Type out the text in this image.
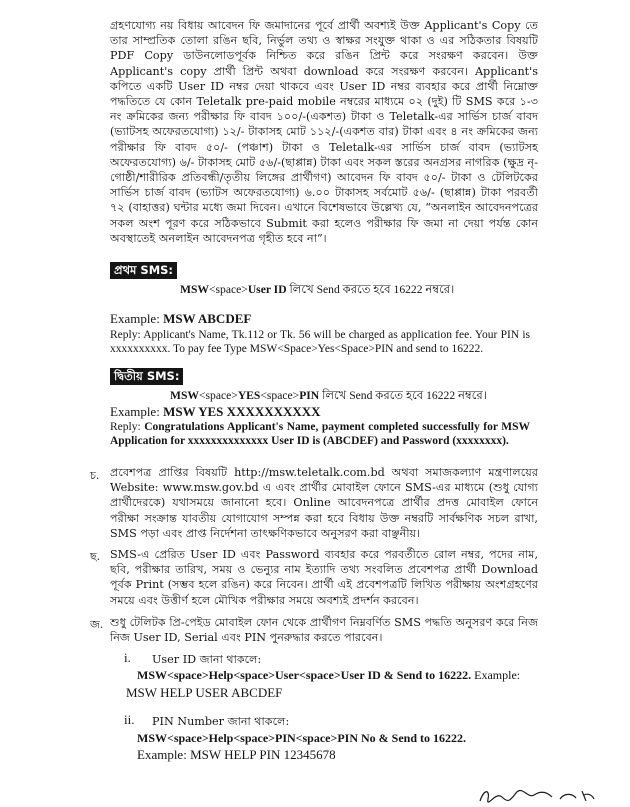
গ্রহণযোগ্য নয় বিধায় আবেদন ফি জমাদানের পূর্বে প্রার্থী অবশ্যই উক্ত Applicant's Copy তে তার সাম্প্রতিক তোলা রঙিন ছবি, নির্ভুল তথ্য ও স্বাক্ষর সংযুক্ত থাকা ও এর সঠিকতার বিষয়টি PDF Copy ডাউনলোডপূর্বক নিশ্চিত করে রঙিন প্রিন্ট করে সংরক্ষণ করবেন। উক্ত Applicant's copy প্রার্থী প্রিন্ট অথবা download করে সংরক্ষণ করবেন। Applicant's কপিতে একটি User ID নম্বর দেয়া থাকবে এবং User ID নম্বর ব্যবহার করে প্রার্থী নিম্নোক্ত পদ্ধতিতে যে কোন Teletalk pre-paid mobile নম্বরের মাধ্যমে ০২ (দুই) টি SMS করে ১-৩ নং ক্রমিকের জন্য পরীক্ষার ফি বাবদ ১০০/-(একশত) টাকা ও Teletalk-এর সার্ভিস চার্জ বাবদ (ভ্যাটসহ অফেরতযোগ্য) ১২/- টাকাসহ মোট ১১২/-(একশত বার) টাকা এবং ৪ নং ক্রমিকের জন্য পরীক্ষার ফি বাবদ ৫০/- (পঞ্চাশ) টাকা ও Teletalk-এর সার্ভিস চার্জ বাবদ (ভ্যাটসহ অফেরতযোগ্য) ৬/- টাকাসহ মোট ৫৬/-(ছাপ্পান্ন) টাকা এবং সকল স্তরের অনগ্রসর নাগরিক (ক্ষুদ্র নৃ-গোষ্ঠী/শারীরিক প্রতিবন্ধী/তৃতীয় লিঙ্গের প্রার্থীগণ) আবেদন ফি বাবদ ৫০/- টাকা ও টেলিটকের সার্ভিস চার্জ বাবদ (ভ্যাটস অফেরতযোগ্য) ৬.০০ টাকাসহ সর্বমোট ৫৬/- (ছাপ্পান্ন) টাকা পরবর্তী ৭২ (বাহাত্তর) ঘন্টার মধ্যে জমা দিবেন। এখানে বিশেষভাবে উল্লেখ্য যে, “অনলাইন আবেদনপত্রের সকল অংশ পূরণ করে সঠিকভাবে Submit করা হলেও পরীক্ষার ফি জমা না দেয়া পর্যন্ত কোন অবস্থাতেই অনলাইন আবেদনপত্র গৃহীত হবে না”।

প্রথম SMS:
MSW<space>User ID লিখে Send করতে হবে 16222 নম্বরে।
Example: MSW ABCDEF
Reply: Applicant's Name, Tk.112 or Tk. 56 will be charged as application fee. Your PIN is xxxxxxxxxx. To pay fee Type MSW<Space>Yes<Space>PIN and send to 16222.
দ্বিতীয় SMS:
MSW<space>YES<space>PIN লিখে Send করতে হবে 16222 নম্বরে।
Example: MSW YES XXXXXXXXXX
Reply: Congratulations Applicant's Name, payment completed successfully for MSW Application for xxxxxxxxxxxxxx User ID is (ABCDEF) and Password (xxxxxxxx).
চ. প্রবেশপত্র প্রাপ্তির বিষয়টি http://msw.teletalk.com.bd অথবা সমাজকল্যাণ মন্ত্রণালয়ের Website: www.msw.gov.bd এ এবং প্রার্থীর মোবাইল ফোনে SMS-এর মাধ্যমে (শুধু যোগ্য প্রার্থীদেরকে) যথাসময়ে জানানো হবে। Online আবেদনপত্রে প্রার্থীর প্রদত্ত মোবাইল ফোনে পরীক্ষা সংক্রান্ত যাবতীয় যোগাযোগ সম্পন্ন করা হবে বিধায় উক্ত নম্বরটি সার্বক্ষণিক সচল রাখা, SMS পড়া এবং প্রাপ্ত নির্দেশনা তাৎক্ষণিকভাবে অনুসরণ করা বাঞ্ছনীয়।
ছ. SMS-এ প্রেরিত User ID এবং Password ব্যবহার করে পরবর্তীতে রোল নম্বর, পদের নাম, ছবি, পরীক্ষার তারিখ, সময় ও ভেন্যুর নাম ইত্যাদি তথ্য সংবলিত প্রবেশপত্র প্রার্থী Download পূর্বক Print (সম্ভব হলে রঙিন) করে নিবেন। প্রার্থী এই প্রবেশপত্রটি লিখিত পরীক্ষায় অংশগ্রহণের সময়ে এবং উত্তীর্ণ হলে মৌখিক পরীক্ষার সময়ে অবশ্যই প্রদর্শন করবেন।
জ. শুধু টেলিটক প্রি-পেইড মোবাইল ফোন থেকে প্রার্থীগণ নিম্নবর্ণিত SMS পদ্ধতি অনুসরণ করে নিজ নিজ User ID, Serial এবং PIN পুনরুদ্ধার করতে পারবেন।
i. User ID জানা থাকলে:
MSW<space>Help<space>User<space>User ID & Send to 16222. Example:
MSW HELP USER ABCDEF
ii. PIN Number জানা থাকলে:
MSW<space>Help<space>PIN<space>PIN No & Send to 16222.
Example: MSW HELP PIN 12345678
